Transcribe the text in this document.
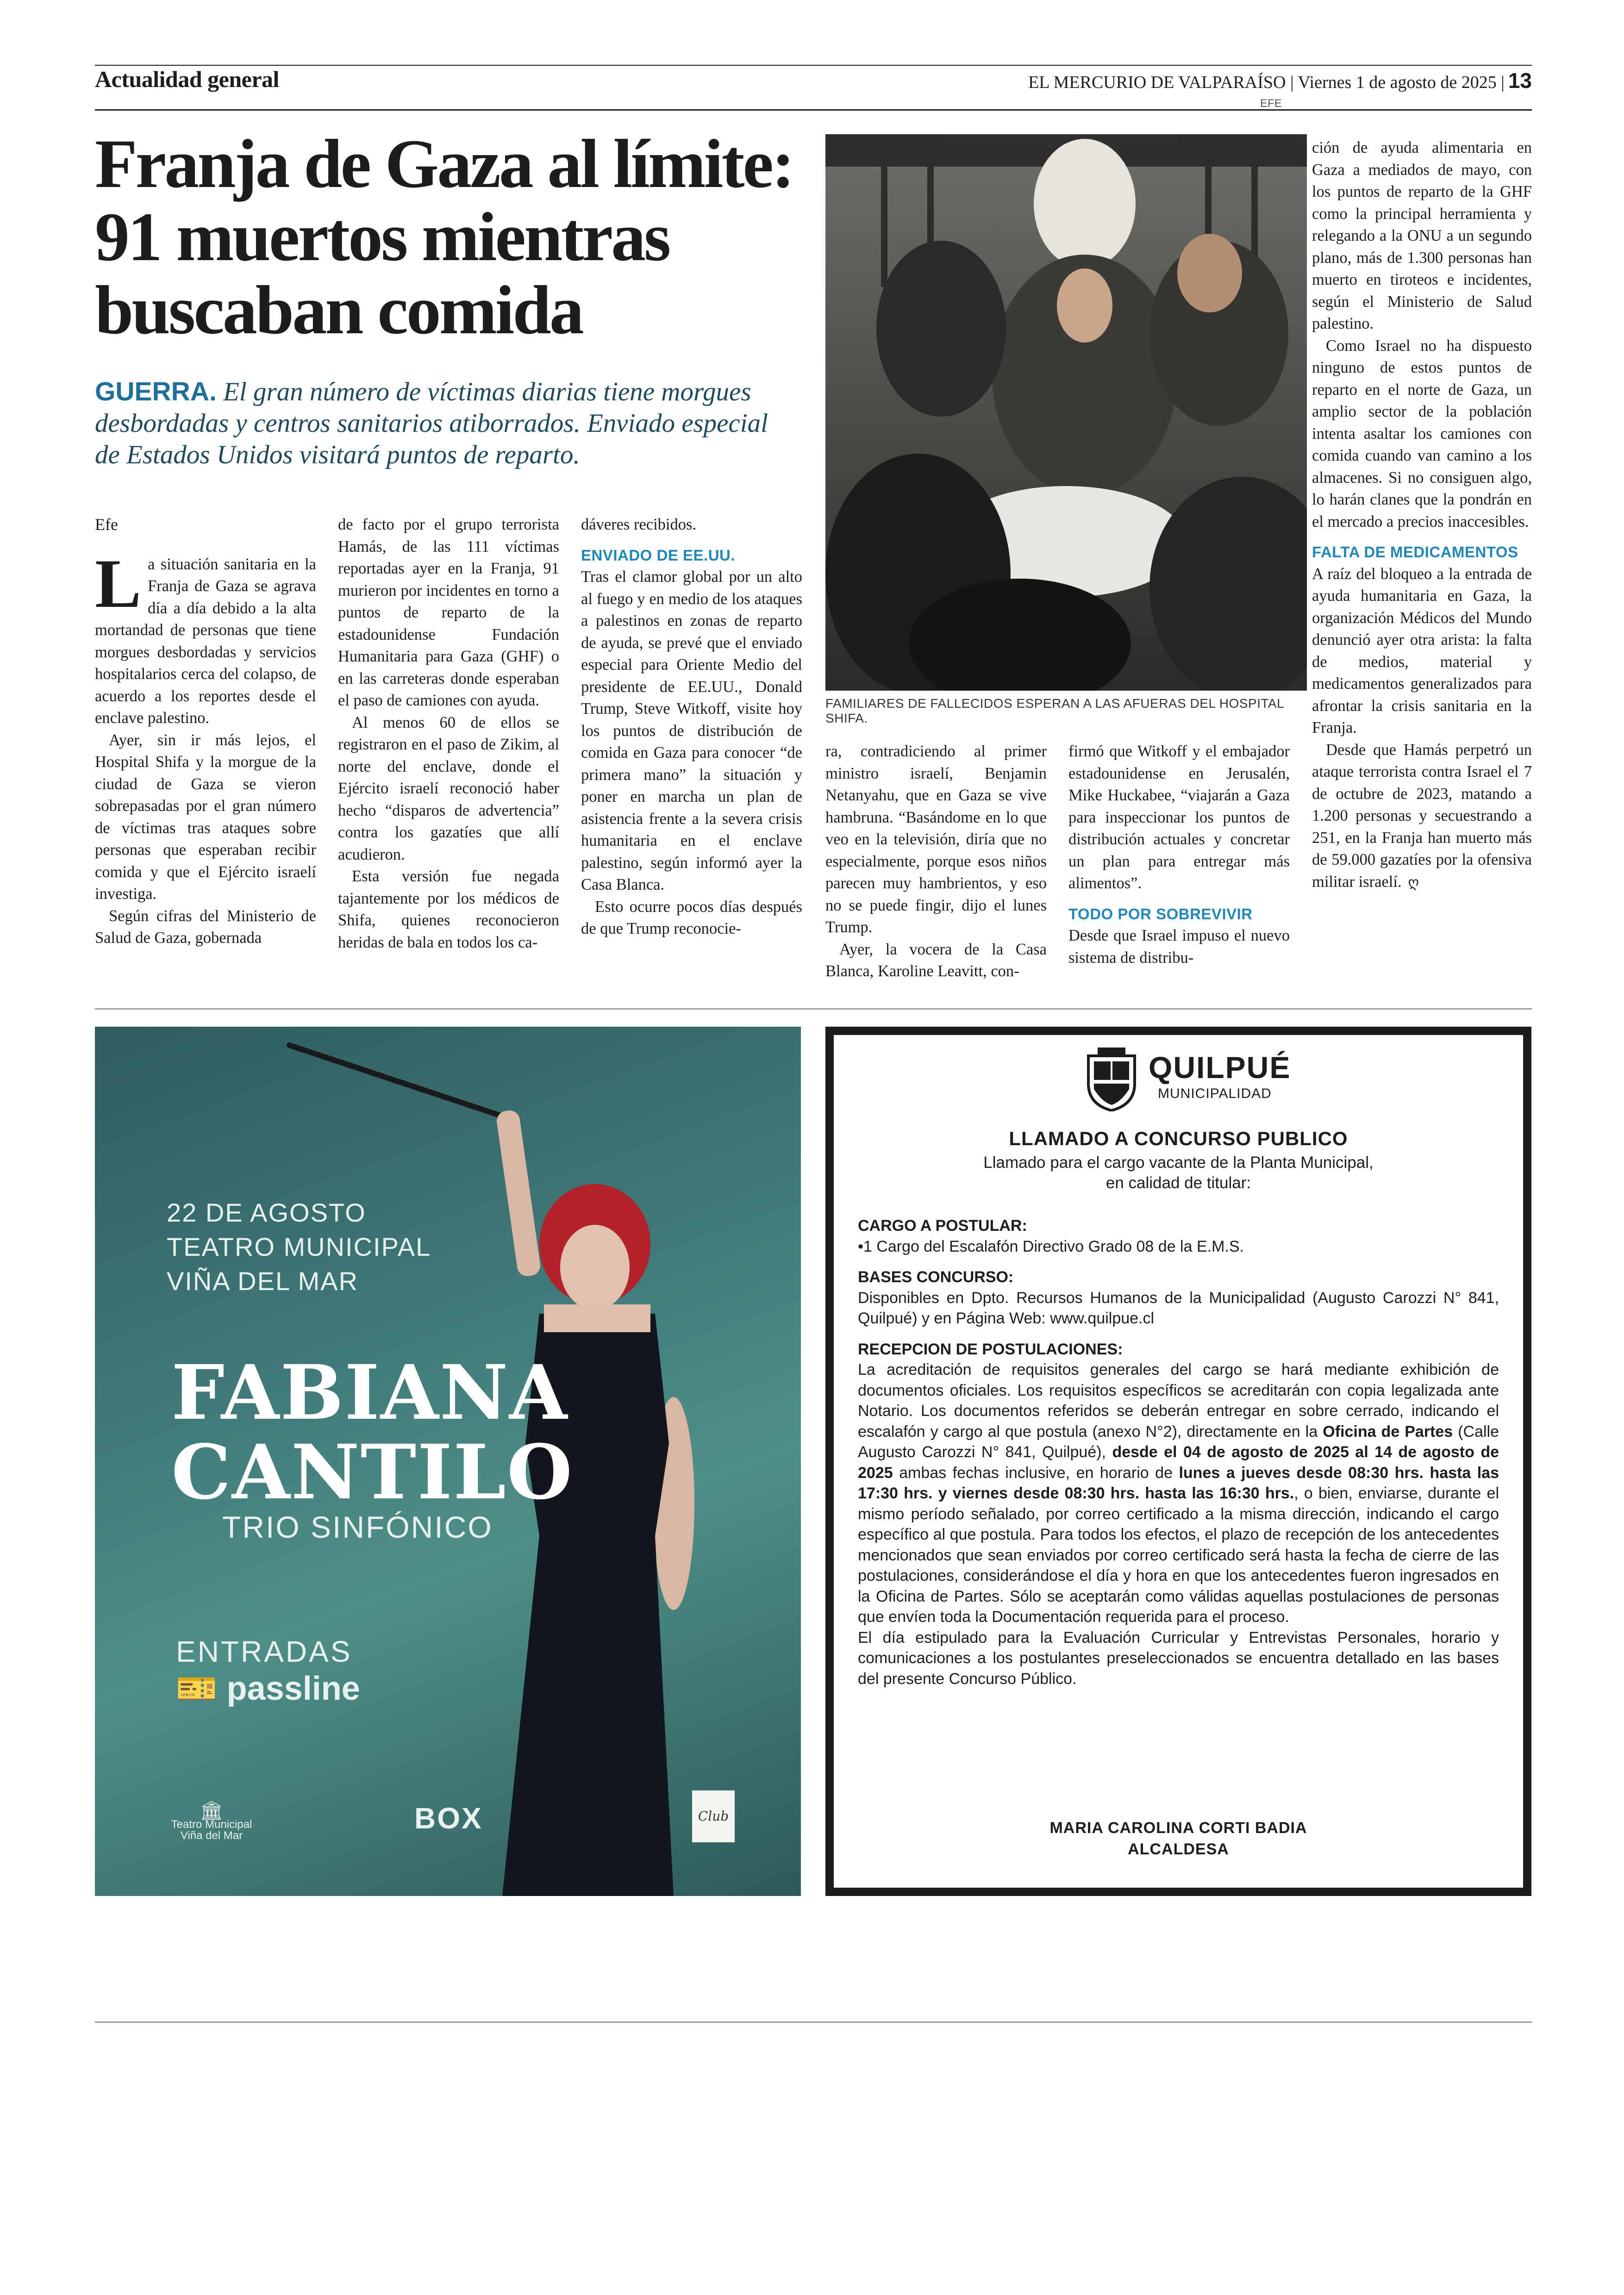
Actualidad general	EL MERCURIO DE VALPARAÍSO | Viernes 1 de agosto de 2025 | 13
Franja de Gaza al límite:
91 muertos mientras
buscaban comida
GUERRA. El gran número de víctimas diarias tiene morgues desbordadas y centros sanitarios atiborrados. Enviado especial de Estados Unidos visitará puntos de reparto.

Efe

La situación sanitaria en la Franja de Gaza se agrava día a día debido a la alta mortandad de personas que tiene morgues desbordadas y servicios hospitalarios cerca del colapso, de acuerdo a los reportes desde el enclave palestino.

Ayer, sin ir más lejos, el Hospital Shifa y la morgue de la ciudad de Gaza se vieron sobrepasadas por el gran número de víctimas tras ataques sobre personas que esperaban recibir comida y que el Ejército israelí investiga.

Según cifras del Ministerio de Salud de Gaza, gobernada

de facto por el grupo terrorista Hamás, de las 111 víctimas reportadas ayer en la Franja, 91 murieron por incidentes en torno a puntos de reparto de la estadounidense Fundación Humanitaria para Gaza (GHF) o en las carreteras donde esperaban el paso de camiones con ayuda.

Al menos 60 de ellos se registraron en el paso de Zikim, al norte del enclave, donde el Ejército israelí reconoció haber hecho “disparos de advertencia” contra los gazatíes que allí acudieron.

Esta versión fue negada tajantemente por los médicos de Shifa, quienes reconocieron heridas de bala en todos los ca-

dáveres recibidos.

ENVIADO DE EE.UU.

Tras el clamor global por un alto al fuego y en medio de los ataques a palestinos en zonas de reparto de ayuda, se prevé que el enviado especial para Oriente Medio del presidente de EE.UU., Donald Trump, Steve Witkoff, visite hoy los puntos de distribución de comida en Gaza para conocer “de primera mano” la situación y poner en marcha un plan de asistencia frente a la severa crisis humanitaria en el enclave palestino, según informó ayer la Casa Blanca.

Esto ocurre pocos días después de que Trump reconocie-

ra, contradiciendo al primer ministro israelí, Benjamin Netanyahu, que en Gaza se vive hambruna. “Basándome en lo que veo en la televisión, diría que no especialmente, porque esos niños parecen muy hambrientos, y eso no se puede fingir, dijo el lunes Trump.

Ayer, la vocera de la Casa Blanca, Karoline Leavitt, con-

firmó que Witkoff y el embajador estadounidense en Jerusalén, Mike Huckabee, “viajarán a Gaza para inspeccionar los puntos de distribución actuales y concretar un plan para entregar más alimentos”.

TODO POR SOBREVIVIR

Desde que Israel impuso el nuevo sistema de distribu-

ción de ayuda alimentaria en Gaza a mediados de mayo, con los puntos de reparto de la GHF como la principal herramienta y relegando a la ONU a un segundo plano, más de 1.300 personas han muerto en tiroteos e incidentes, según el Ministerio de Salud palestino.

Como Israel no ha dispuesto ninguno de estos puntos de reparto en el norte de Gaza, un amplio sector de la población intenta asaltar los camiones con comida cuando van camino a los almacenes. Si no consiguen algo, lo harán clanes que la pondrán en el mercado a precios inaccesibles.

FALTA DE MEDICAMENTOS

A raíz del bloqueo a la entrada de ayuda humanitaria en Gaza, la organización Médicos del Mundo denunció ayer otra arista: la falta de medios, material y medicamentos generalizados para afrontar la crisis sanitaria en la Franja.

Desde que Hamás perpetró un ataque terrorista contra Israel el 7 de octubre de 2023, matando a 1.200 personas y secuestrando a 251, en la Franja han muerto más de 59.000 gazatíes por la ofensiva militar israelí. ღ

EFE
FAMILIARES DE FALLECIDOS ESPERAN A LAS AFUERAS DEL HOSPITAL SHIFA.
22 DE AGOSTO
TEATRO MUNICIPAL
VIÑA DEL MAR
FABIANA
CANTILO
TRIO SINFÓNICO
ENTRADAS
🎫 passline
🏛
Teatro Municipal Viña del Mar
BOX	Club
QUILPUÉ
MUNICIPALIDAD
LLAMADO A CONCURSO PUBLICO
Llamado para el cargo vacante de la Planta Municipal,
en calidad de titular:

CARGO A POSTULAR:

•1 Cargo del Escalafón Directivo Grado 08 de la E.M.S.

BASES CONCURSO:

Disponibles en Dpto. Recursos Humanos de la Municipalidad (Augusto Carozzi N° 841, Quilpué) y en Página Web: www.quilpue.cl

RECEPCION DE POSTULACIONES:

La acreditación de requisitos generales del cargo se hará mediante exhibición de documentos oficiales. Los requisitos específicos se acreditarán con copia legalizada ante Notario. Los documentos referidos se deberán entregar en sobre cerrado, indicando el escalafón y cargo al que postula (anexo N°2), directamente en la Oficina de Partes (Calle Augusto Carozzi N° 841, Quilpué), desde el 04 de agosto de 2025 al 14 de agosto de 2025 ambas fechas inclusive, en horario de lunes a jueves desde 08:30 hrs. hasta las 17:30 hrs. y viernes desde 08:30 hrs. hasta las 16:30 hrs., o bien, enviarse, durante el mismo período señalado, por correo certificado a la misma dirección, indicando el cargo específico al que postula. Para todos los efectos, el plazo de recepción de los antecedentes mencionados que sean enviados por correo certificado será hasta la fecha de cierre de las postulaciones, considerándose el día y hora en que los antecedentes fueron ingresados en la Oficina de Partes. Sólo se aceptarán como válidas aquellas postulaciones de personas que envíen toda la Documentación requerida para el proceso.

El día estipulado para la Evaluación Curricular y Entrevistas Personales, horario y comunicaciones a los postulantes preseleccionados se encuentra detallado en las bases del presente Concurso Público.

MARIA CAROLINA CORTI BADIA
ALCALDESA
